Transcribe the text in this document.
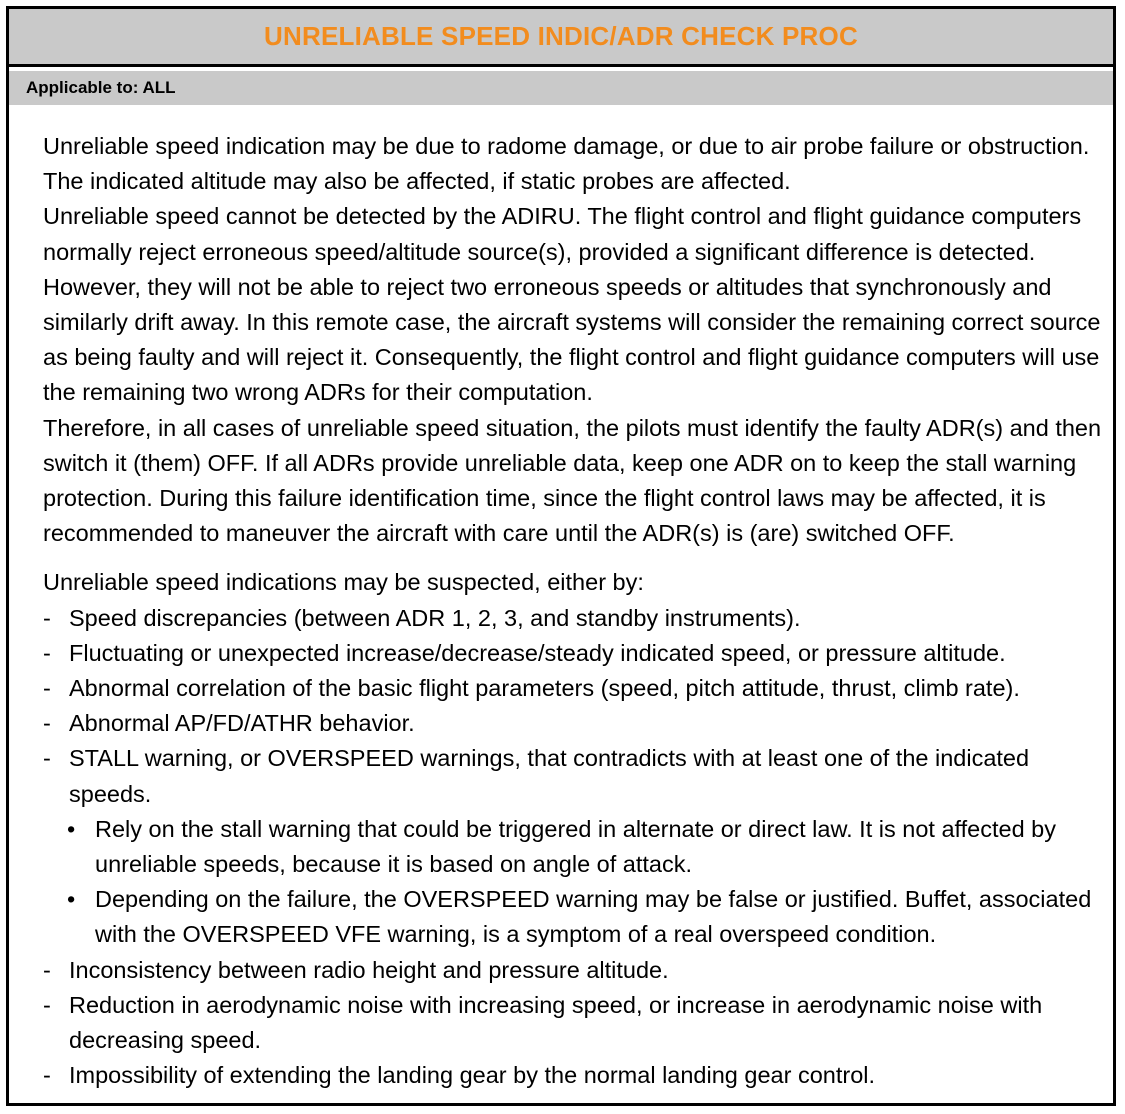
UNRELIABLE SPEED INDIC/ADR CHECK PROC
Applicable to: ALL

Unreliable speed indication may be due to radome damage, or due to air probe failure or obstruction. The indicated altitude may also be affected, if static probes are affected.

Unreliable speed cannot be detected by the ADIRU. The flight control and flight guidance computers normally reject erroneous speed/altitude source(s), provided a significant difference is detected. However, they will not be able to reject two erroneous speeds or altitudes that synchronously and similarly drift away. In this remote case, the aircraft systems will consider the remaining correct source as being faulty and will reject it. Consequently, the flight control and flight guidance computers will use the remaining two wrong ADRs for their computation.

Therefore, in all cases of unreliable speed situation, the pilots must identify the faulty ADR(s) and then switch it (them) OFF. If all ADRs provide unreliable data, keep one ADR on to keep the stall warning protection. During this failure identification time, since the flight control laws may be affected, it is recommended to maneuver the aircraft with care until the ADR(s) is (are) switched OFF.

Unreliable speed indications may be suspected, either by:

- Speed discrepancies (between ADR 1, 2, 3, and standby instruments).

- Fluctuating or unexpected increase/decrease/steady indicated speed, or pressure altitude.

- Abnormal correlation of the basic flight parameters (speed, pitch attitude, thrust, climb rate).

- Abnormal AP/FD/ATHR behavior.

- STALL warning, or OVERSPEED warnings, that contradicts with at least one of the indicated speeds.

• Rely on the stall warning that could be triggered in alternate or direct law. It is not affected by unreliable speeds, because it is based on angle of attack.

• Depending on the failure, the OVERSPEED warning may be false or justified. Buffet, associated with the OVERSPEED VFE warning, is a symptom of a real overspeed condition.

- Inconsistency between radio height and pressure altitude.

- Reduction in aerodynamic noise with increasing speed, or increase in aerodynamic noise with decreasing speed.

- Impossibility of extending the landing gear by the normal landing gear control.
